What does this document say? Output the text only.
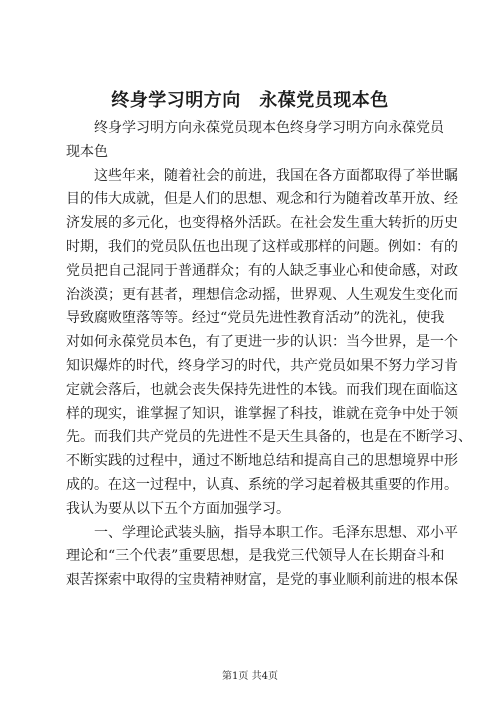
终身学习明方向　永葆党员现本色
　　终身学习明方向永葆党员现本色终身学习明方向永葆党员
现本色
　　这些年来，随着社会的前进，我国在各方面都取得了举世瞩
目的伟大成就，但是人们的思想、观念和行为随着改革开放、经
济发展的多元化，也变得格外活跃。在社会发生重大转折的历史
时期，我们的党员队伍也出现了这样或那样的问题。例如：有的
党员把自己混同于普通群众；有的人缺乏事业心和使命感，对政
治淡漠；更有甚者，理想信念动摇，世界观、人生观发生变化而
导致腐败堕落等等。经过“党员先进性教育活动”的洗礼，使我
对如何永葆党员本色，有了更进一步的认识：当今世界，是一个
知识爆炸的时代，终身学习的时代，共产党员如果不努力学习肯
定就会落后，也就会丧失保持先进性的本钱。而我们现在面临这
样的现实，谁掌握了知识，谁掌握了科技，谁就在竞争中处于领
先。而我们共产党员的先进性不是天生具备的，也是在不断学习、
不断实践的过程中，通过不断地总结和提高自己的思想境界中形
成的。在这一过程中，认真、系统的学习起着极其重要的作用。
我认为要从以下五个方面加强学习。
　　一、学理论武装头脑，指导本职工作。毛泽东思想、邓小平
理论和“三个代表”重要思想，是我党三代领导人在长期奋斗和
艰苦探索中取得的宝贵精神财富，是党的事业顺利前进的根本保
第1页 共4页
